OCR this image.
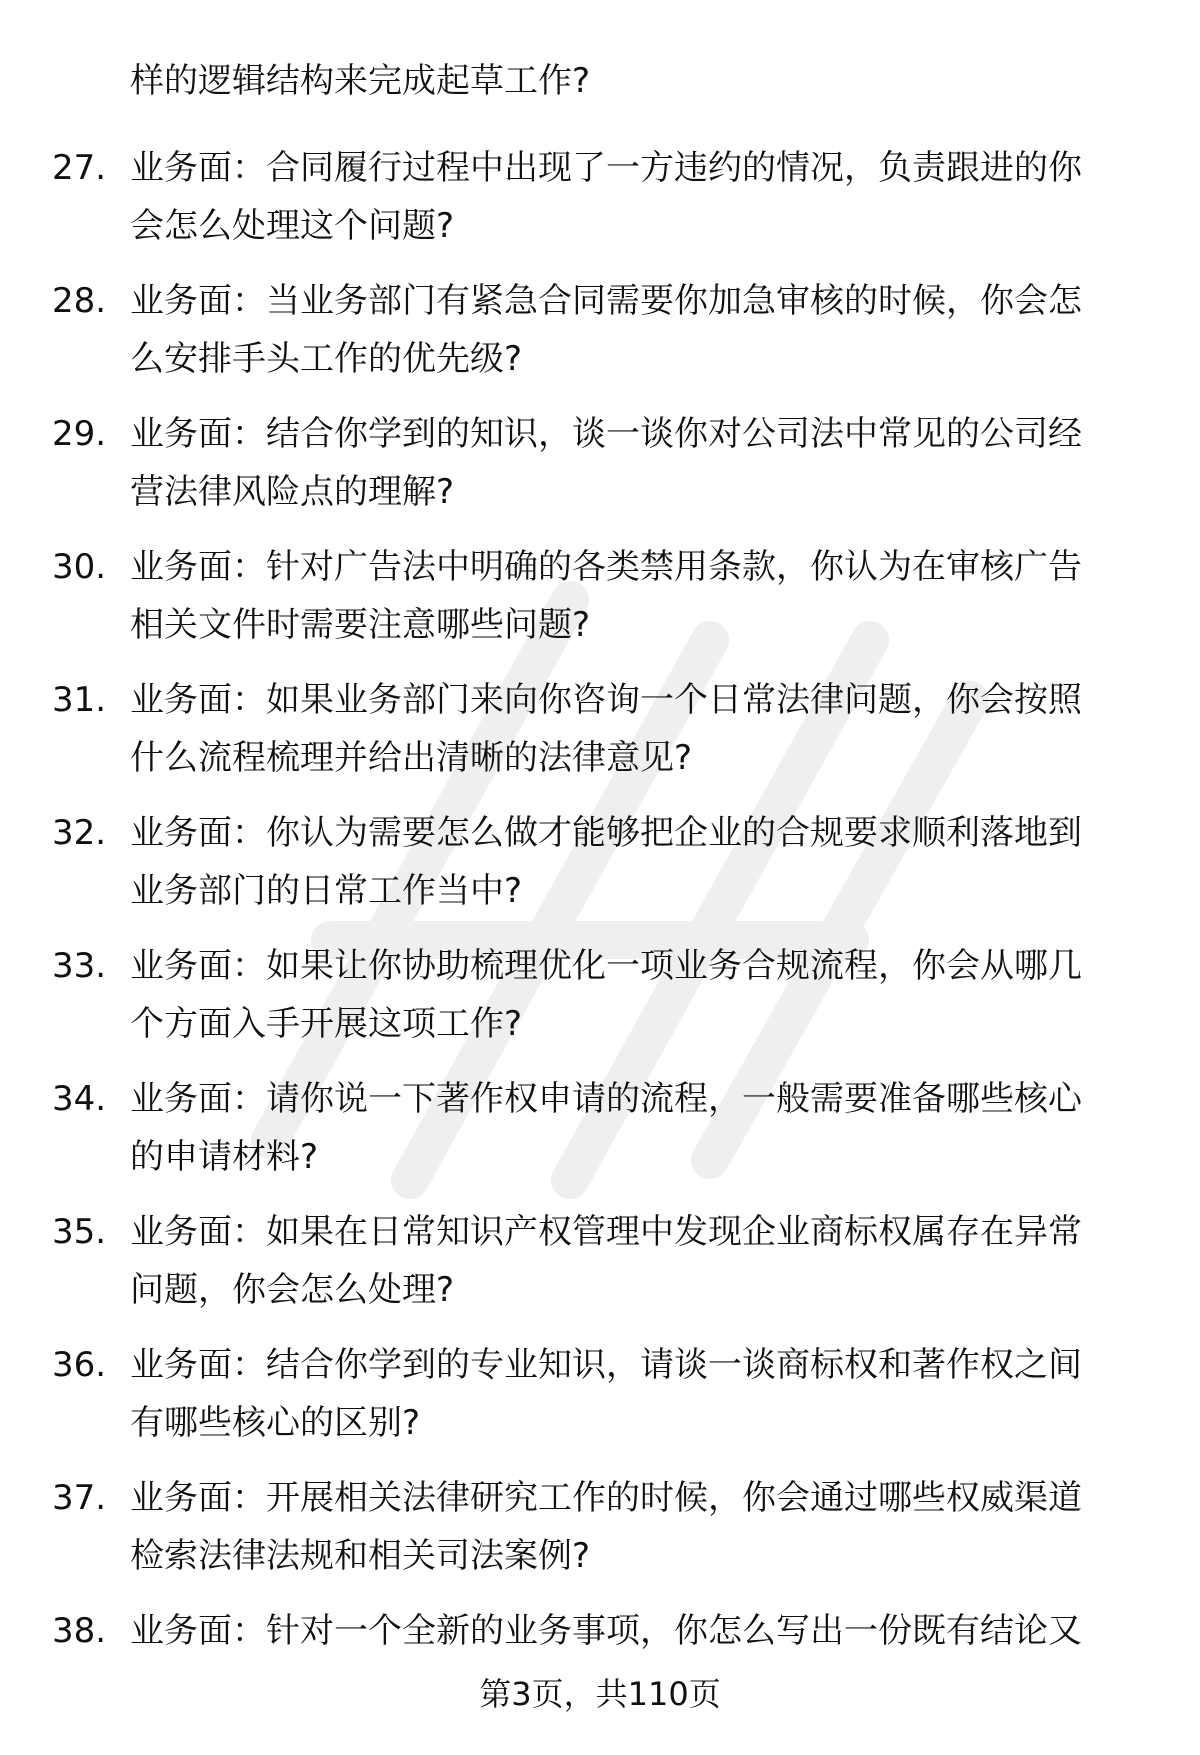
样的逻辑结构来完成起草工作?
27. 业务面：合同履行过程中出现了一方违约的情况，负责跟进的你
会怎么处理这个问题?
28. 业务面：当业务部门有紧急合同需要你加急审核的时候，你会怎
么安排手头工作的优先级?
29. 业务面：结合你学到的知识，谈一谈你对公司法中常见的公司经
营法律风险点的理解?
30. 业务面：针对广告法中明确的各类禁用条款，你认为在审核广告
相关文件时需要注意哪些问题?
31. 业务面：如果业务部门来向你咨询一个日常法律问题，你会按照
什么流程梳理并给出清晰的法律意见?
32. 业务面：你认为需要怎么做才能够把企业的合规要求顺利落地到
业务部门的日常工作当中?
33. 业务面：如果让你协助梳理优化一项业务合规流程，你会从哪几
个方面入手开展这项工作?
34. 业务面：请你说一下著作权申请的流程，一般需要准备哪些核心
的申请材料?
35. 业务面：如果在日常知识产权管理中发现企业商标权属存在异常
问题，你会怎么处理?
36. 业务面：结合你学到的专业知识，请谈一谈商标权和著作权之间
有哪些核心的区别?
37. 业务面：开展相关法律研究工作的时候，你会通过哪些权威渠道
检索法律法规和相关司法案例?
38. 业务面：针对一个全新的业务事项，你怎么写出一份既有结论又
第3页，共110页
